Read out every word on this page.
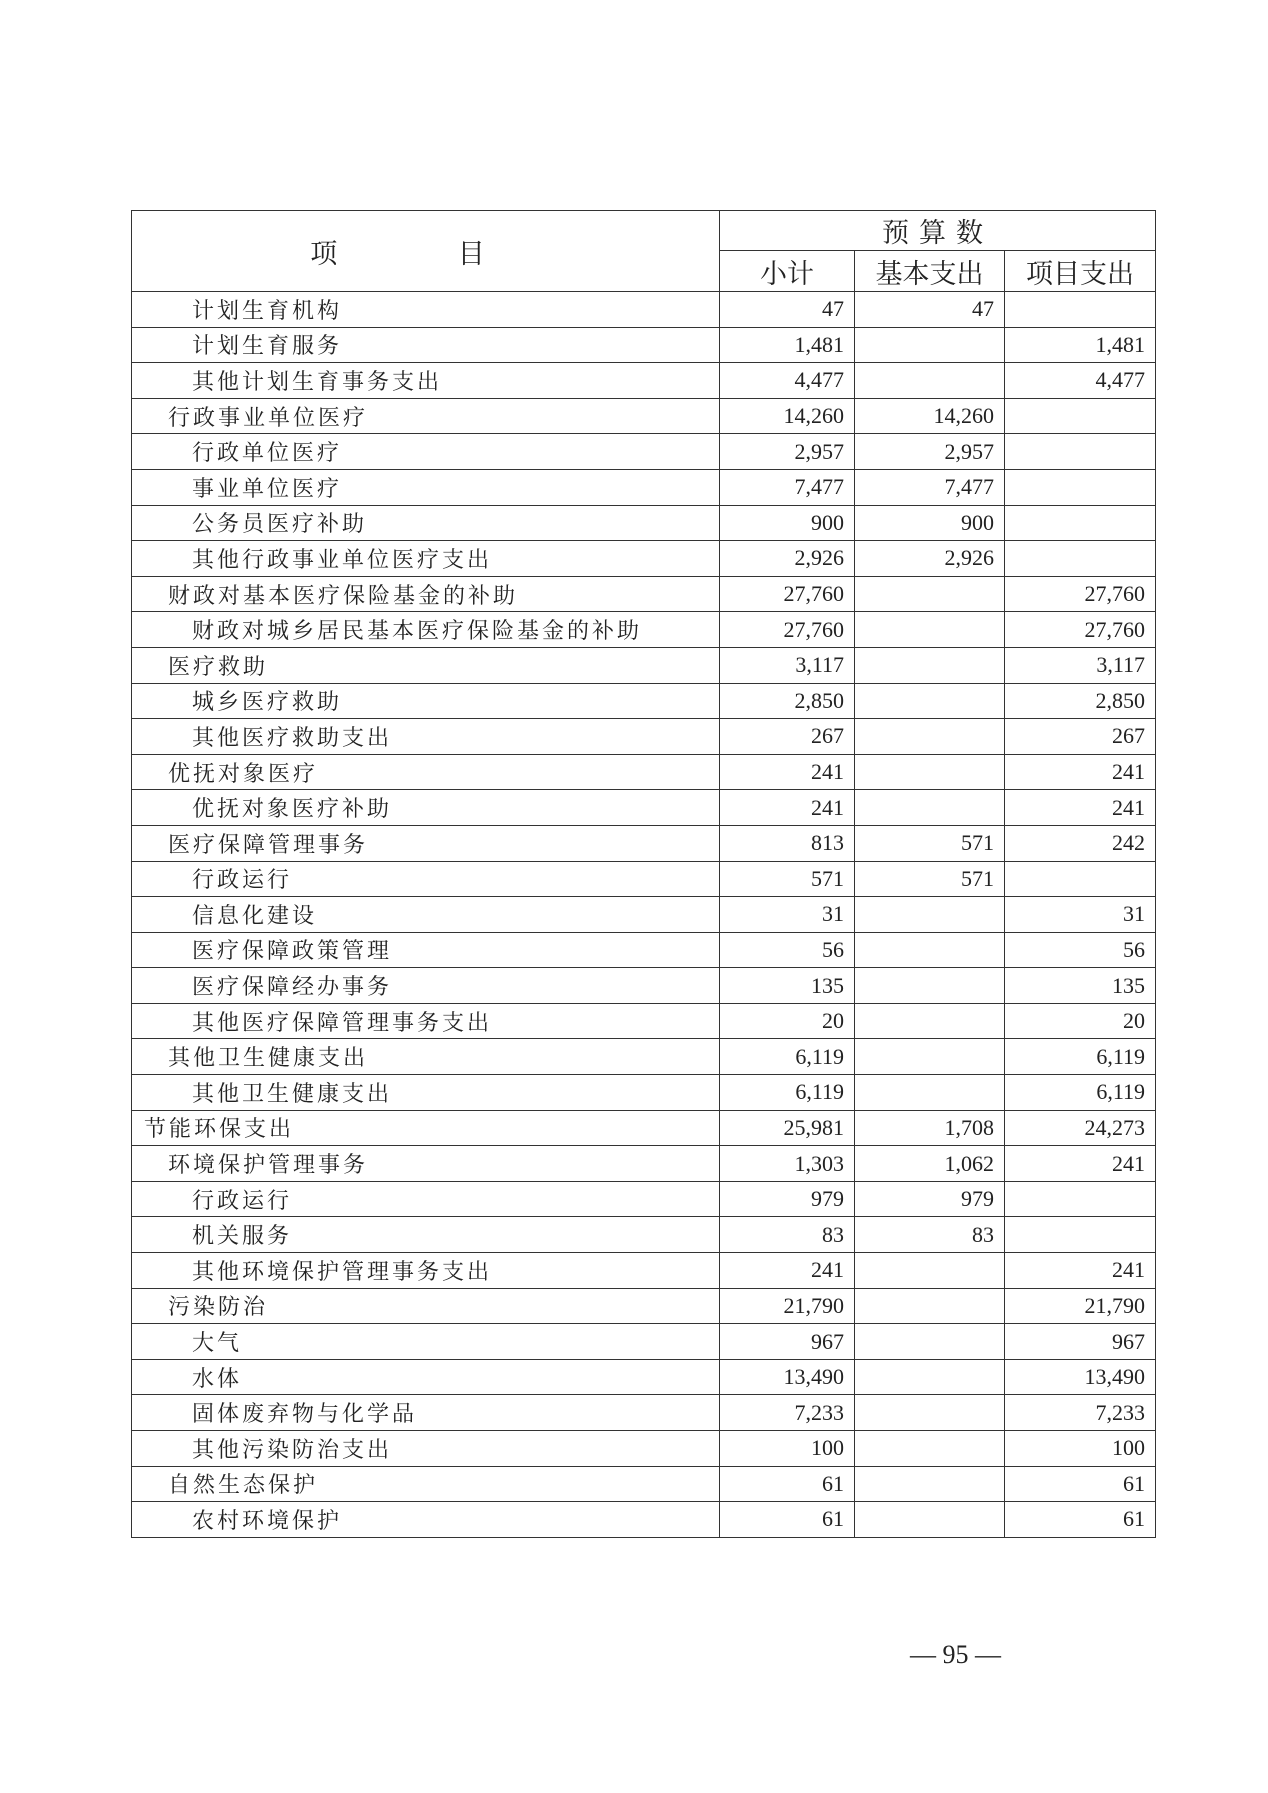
项 目	预算数		
	小计	基本支出	项目支出
计划生育机构	47	47	
计划生育服务	1,481		1,481
其他计划生育事务支出	4,477		4,477
行政事业单位医疗	14,260	14,260	
行政单位医疗	2,957	2,957	
事业单位医疗	7,477	7,477	
公务员医疗补助	900	900	
其他行政事业单位医疗支出	2,926	2,926	
财政对基本医疗保险基金的补助	27,760		27,760
财政对城乡居民基本医疗保险基金的补助	27,760		27,760
医疗救助	3,117		3,117
城乡医疗救助	2,850		2,850
其他医疗救助支出	267		267
优抚对象医疗	241		241
优抚对象医疗补助	241		241
医疗保障管理事务	813	571	242
行政运行	571	571	
信息化建设	31		31
医疗保障政策管理	56		56
医疗保障经办事务	135		135
其他医疗保障管理事务支出	20		20
其他卫生健康支出	6,119		6,119
其他卫生健康支出	6,119		6,119
节能环保支出	25,981	1,708	24,273
环境保护管理事务	1,303	1,062	241
行政运行	979	979	
机关服务	83	83	
其他环境保护管理事务支出	241		241
污染防治	21,790		21,790
大气	967		967
水体	13,490		13,490
固体废弃物与化学品	7,233		7,233
其他污染防治支出	100		100
自然生态保护	61		61
农村环境保护	61		61
— 95 —
